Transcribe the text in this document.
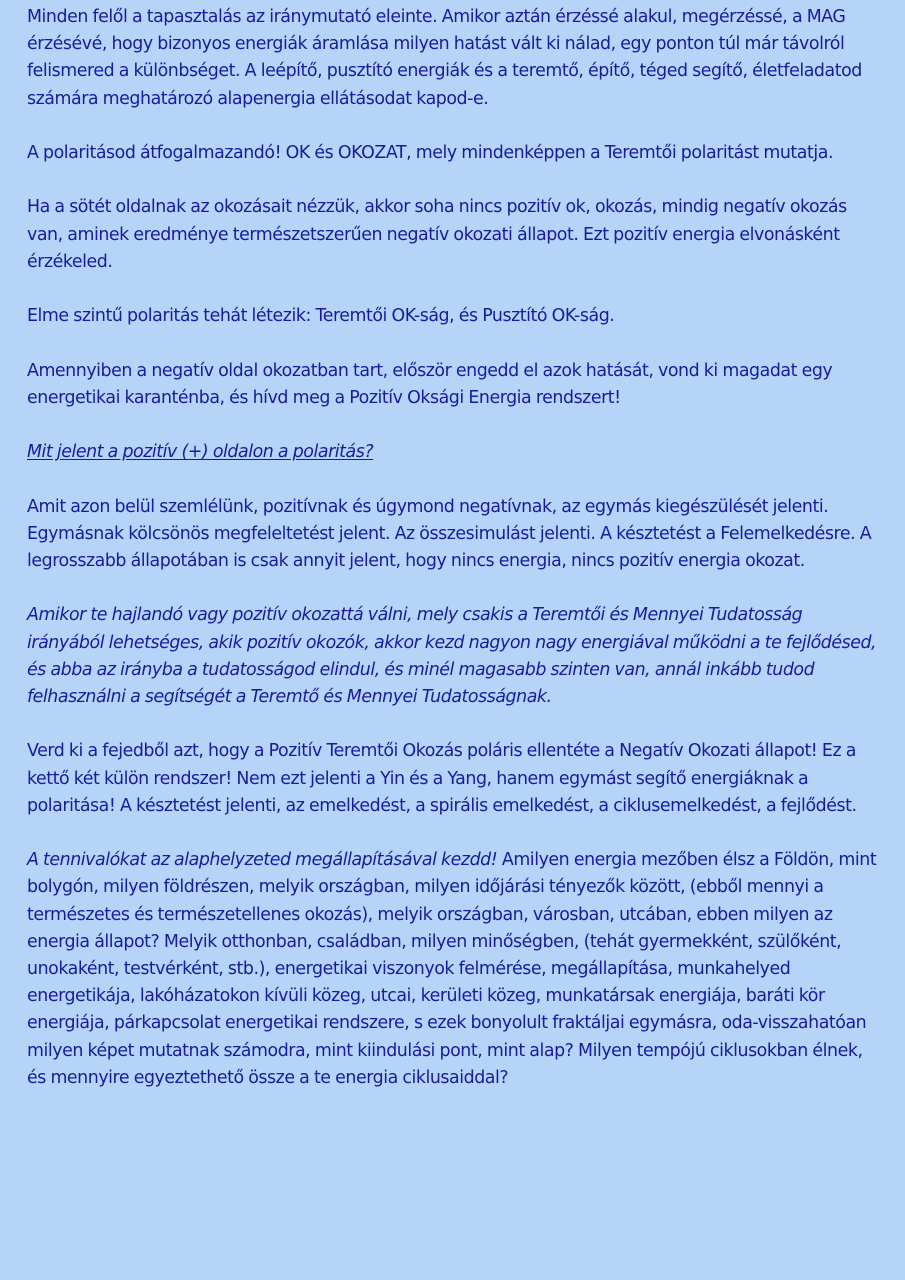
Minden felől a tapasztalás az iránymutató eleinte. Amikor aztán érzéssé alakul, megérzéssé, a MAG érzésévé, hogy bizonyos energiák áramlása milyen hatást vált ki nálad, egy ponton túl már távolról felismered a különbséget. A leépítő, pusztító energiák és a teremtő, építő, téged segítő, életfeladatod számára meghatározó alapenergia ellátásodat kapod-e.

A polaritásod átfogalmazandó! OK és OKOZAT, mely mindenképpen a Teremtői polaritást mutatja.

Ha a sötét oldalnak az okozásait nézzük, akkor soha nincs pozitív ok, okozás, mindig negatív okozás van, aminek eredménye természetszerűen negatív okozati állapot. Ezt pozitív energia elvonásként érzékeled.

Elme szintű polaritás tehát létezik: Teremtői OK-ság, és Pusztító OK-ság.

Amennyiben a negatív oldal okozatban tart, először engedd el azok hatását, vond ki magadat egy energetikai karanténba, és hívd meg a Pozitív Oksági Energia rendszert!

Mit jelent a pozitív (+) oldalon a polaritás?

Amit azon belül szemlélünk, pozitívnak és úgymond negatívnak, az egymás kiegészülését jelenti. Egymásnak kölcsönös megfeleltetést jelent. Az összesimulást jelenti. A késztetést a Felemelkedésre. A legrosszabb állapotában is csak annyit jelent, hogy nincs energia, nincs pozitív energia okozat.

Amikor te hajlandó vagy pozitív okozattá válni, mely csakis a Teremtői és Mennyei Tudatosság irányából lehetséges, akik pozitív okozók, akkor kezd nagyon nagy energiával működni a te fejlődésed, és abba az irányba a tudatosságod elindul, és minél magasabb szinten van, annál inkább tudod felhasználni a segítségét a Teremtő és Mennyei Tudatosságnak.

Verd ki a fejedből azt, hogy a Pozitív Teremtői Okozás poláris ellentéte a Negatív Okozati állapot! Ez a kettő két külön rendszer! Nem ezt jelenti a Yin és a Yang, hanem egymást segítő energiáknak a polaritása! A késztetést jelenti, az emelkedést, a spirális emelkedést, a ciklusemelkedést, a fejlődést.

A tennivalókat az alaphelyzeted megállapításával kezdd! Amilyen energia mezőben élsz a Földön, mint bolygón, milyen földrészen, melyik országban, milyen időjárási tényezők között, (ebből mennyi a természetes és természetellenes okozás), melyik országban, városban, utcában, ebben milyen az energia állapot? Melyik otthonban, családban, milyen minőségben, (tehát gyermekként, szülőként, unokaként, testvérként, stb.), energetikai viszonyok felmérése, megállapítása, munkahelyed energetikája, lakóházatokon kívüli közeg, utcai, kerületi közeg, munkatársak energiája, baráti kör energiája, párkapcsolat energetikai rendszere, s ezek bonyolult fraktáljai egymásra, oda-visszahatóan milyen képet mutatnak számodra, mint kiindulási pont, mint alap? Milyen tempójú ciklusokban élnek, és mennyire egyeztethető össze a te energia ciklusaiddal?
